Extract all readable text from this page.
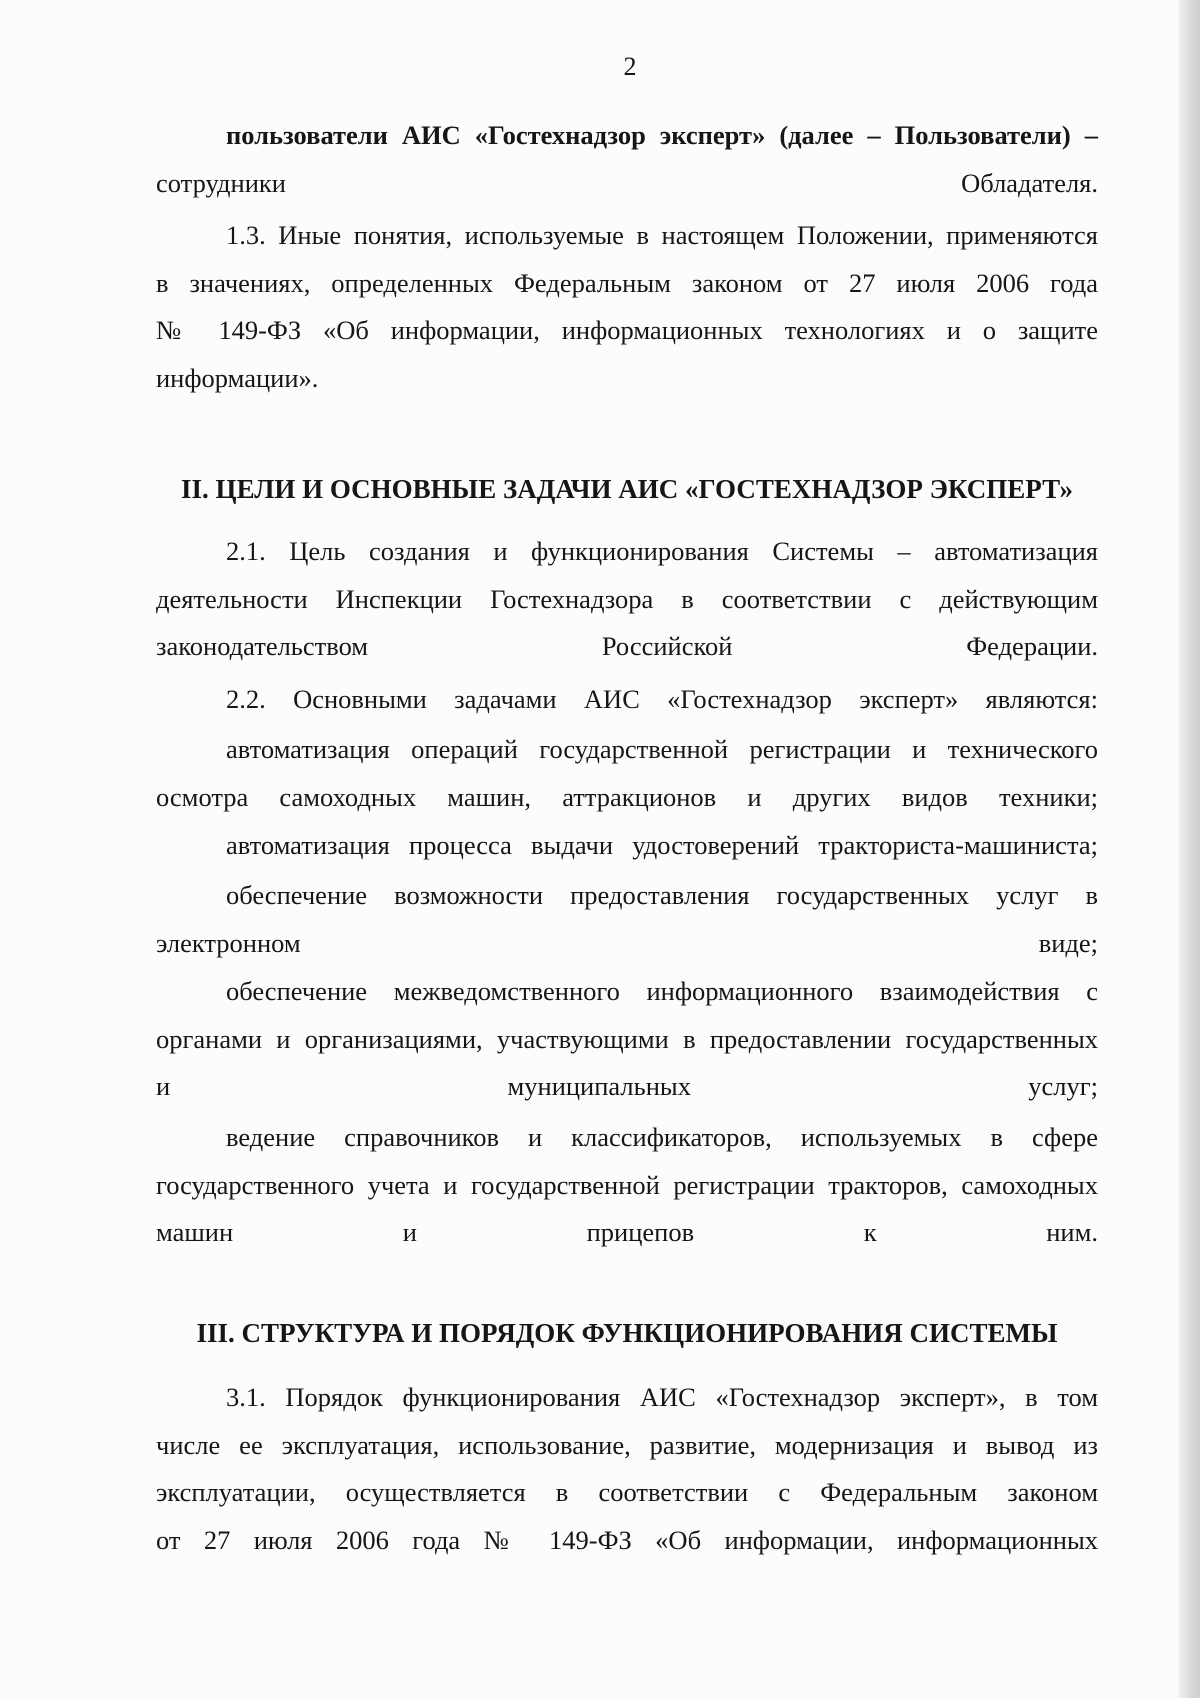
2
пользователи АИС «Гостехнадзор эксперт» (далее – Пользователи) –
сотрудники Обладателя.
1.3. Иные понятия, используемые в настоящем Положении, применяются
в значениях, определенных Федеральным законом от 27 июля 2006 года
№ 149-ФЗ «Об информации, информационных технологиях и о защите
информации».
II. ЦЕЛИ И ОСНОВНЫЕ ЗАДАЧИ АИС «ГОСТЕХНАДЗОР ЭКСПЕРТ»
2.1. Цель создания и функционирования Системы – автоматизация
деятельности Инспекции Гостехнадзора в соответствии с действующим
законодательством Российской Федерации.
2.2. Основными задачами АИС «Гостехнадзор эксперт» являются:
автоматизация операций государственной регистрации и технического
осмотра самоходных машин, аттракционов и других видов техники;
автоматизация процесса выдачи удостоверений тракториста-машиниста;
обеспечение возможности предоставления государственных услуг в
электронном виде;
обеспечение межведомственного информационного взаимодействия с
органами и организациями, участвующими в предоставлении государственных
и муниципальных услуг;
ведение справочников и классификаторов, используемых в сфере
государственного учета и государственной регистрации тракторов, самоходных
машин и прицепов к ним.
III. СТРУКТУРА И ПОРЯДОК ФУНКЦИОНИРОВАНИЯ СИСТЕМЫ
3.1. Порядок функционирования АИС «Гостехнадзор эксперт», в том
числе ее эксплуатация, использование, развитие, модернизация и вывод из
эксплуатации, осуществляется в соответствии с Федеральным законом
от 27 июля 2006 года № 149-ФЗ «Об информации, информационных
